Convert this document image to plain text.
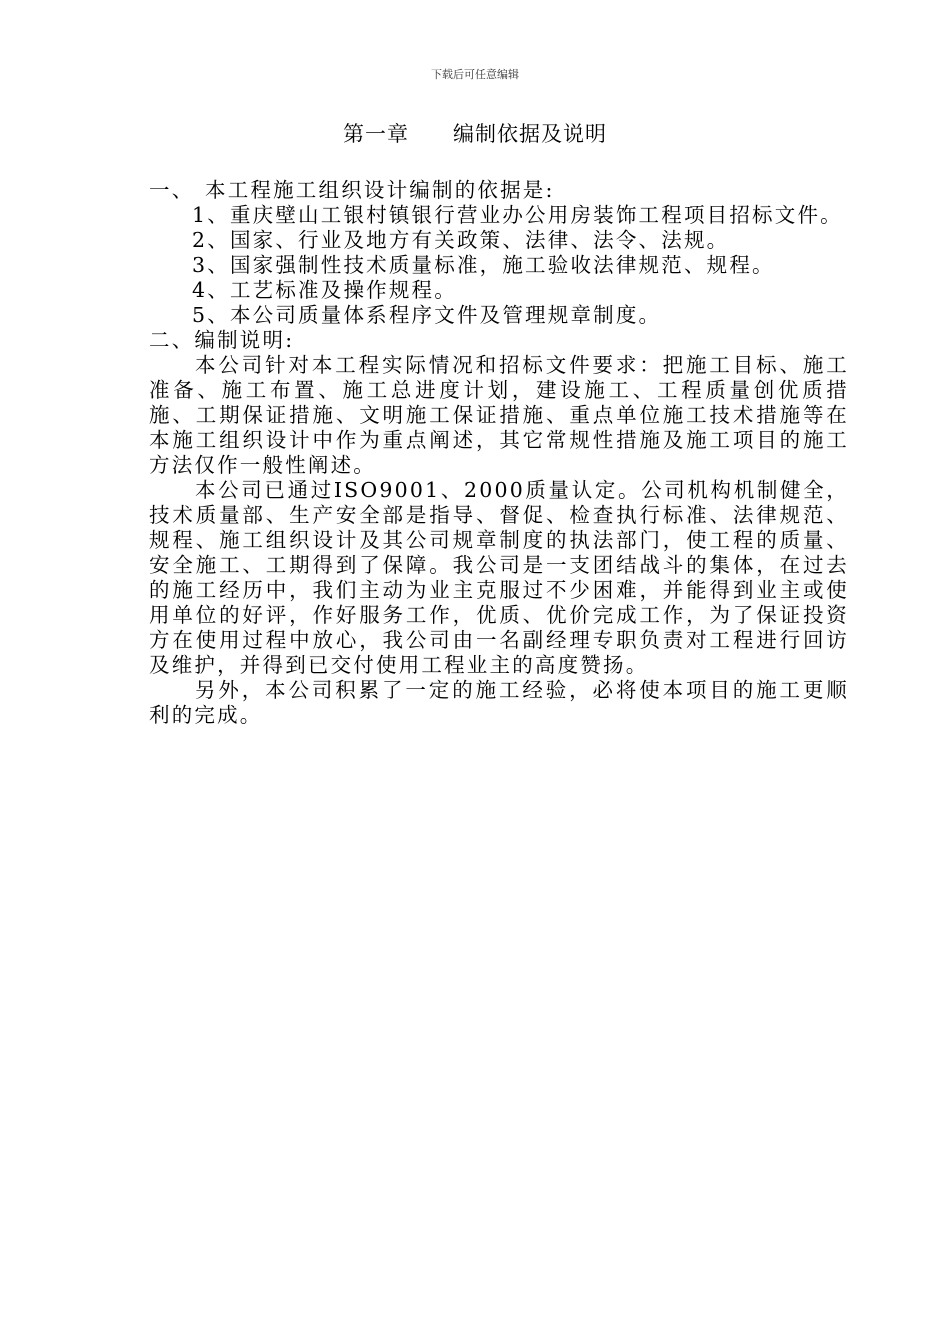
下载后可任意编辑
第一章 编制依据及说明

一、 本工程施工组织设计编制的依据是:

1、重庆壁山工银村镇银行营业办公用房装饰工程项目招标文件。

2、国家、行业及地方有关政策、法律、法令、法规。

3、国家强制性技术质量标准，施工验收法律规范、规程。

4、工艺标准及操作规程。

5、本公司质量体系程序文件及管理规章制度。

二、编制说明:

本公司针对本工程实际情况和招标文件要求：把施工目标、施工准备、施工布置、施工总进度计划，建设施工、工程质量创优质措施、工期保证措施、文明施工保证措施、重点单位施工技术措施等在本施工组织设计中作为重点阐述，其它常规性措施及施工项目的施工方法仅作一般性阐述。

本公司已通过ISO9001、2000质量认定。公司机构机制健全，技术质量部、生产安全部是指导、督促、检查执行标准、法律规范、规程、施工组织设计及其公司规章制度的执法部门，使工程的质量、安全施工、工期得到了保障。我公司是一支团结战斗的集体，在过去的施工经历中，我们主动为业主克服过不少困难，并能得到业主或使用单位的好评，作好服务工作，优质、优价完成工作，为了保证投资方在使用过程中放心，我公司由一名副经理专职负责对工程进行回访及维护，并得到已交付使用工程业主的高度赞扬。

另外，本公司积累了一定的施工经验，必将使本项目的施工更顺利的完成。
